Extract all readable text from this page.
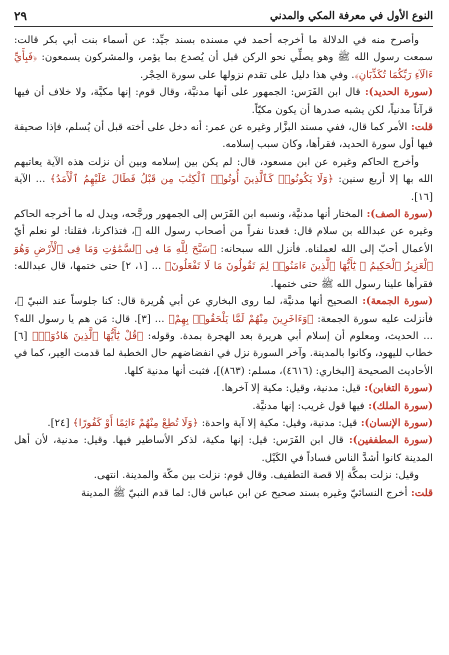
النوع الأول في معرفة المكي والمدني
٢٩

وأصرح منه في الدلالة ما أخرجه أحمد في مسنده بسند جيِّد: عن أسماء بنت أبي بكر قالت: سمعت رسول الله ﷺ وهو يصلِّي نحو الركن قبل أن يُصدع بما يؤمر، والمشركون يسمعون: ﴿فَبِأَيِّ ءَالَآءِ رَبِّكُمَا تُكَذِّبَانِ﴾. وفي هذا دليل على تقدم نزولها على سورة الحِجْر.

(سورة الحديد): قال ابن الفَرَس: الجمهور على أنها مدنيَّة، وقال قوم: إنها مكيَّة، ولا خلاف أن فيها قرآناً مدنياً، لكن يشبه صدرها أن يكون مكيّاً.

قلت: الأمر كما قال، ففي مسند البزَّار وغيره عن عمر: أنه دخل على أخته قبل أن يُسلم، فإذا صحيفة فيها أول سورة الحديد، فقرأها، وكان سبب إسلامه.

وأخرج الحاكم وغيره عن ابن مسعود، قال: لم يكن بين إسلامه وبين أن نزلت هذه الآية يعاتبهم الله بها إلا أربع سنين: ﴿وَلَا يَكُونُوا۟ كَٱلَّذِينَ أُوتُوا۟ ٱلْكِتَٰبَ مِن قَبْلُ فَطَالَ عَلَيْهِمُ ٱلْأَمَدُ﴾ ... الآية [١٦].

(سورة الصف): المختار أنها مدنيَّة، ونسبه ابن الفَرَس إلى الجمهور ورجَّحه، ويدل له ما أخرجه الحاكم وغيره عن عبدالله بن سلام قال: قعدنا نفراً من أصحاب رسول الله ﷺ، فتذاكرنا، فقلنا: لو نعلم أيّ الأعمال أحبّ إلى الله لعملناه. فأنزل الله سبحانه: ﴿سَبَّحَ لِلَّهِ مَا فِى ٱلسَّمَٰوَٰتِ وَمَا فِى ٱلْأَرْضِ وَهُوَ ٱلْعَزِيزُ ٱلْحَكِيمُ ۞ يَٰٓأَيُّهَا ٱلَّذِينَ ءَامَنُوا۟ لِمَ تَقُولُونَ مَا لَا تَفْعَلُونَ﴾ ... [١، ٢] حتى ختمها، قال عبدالله: فقرأها علينا رسول الله ﷺ حتى ختمها.

(سورة الجمعة): الصحيح أنها مدنيَّة، لما روى البخاري عن أبي هُريرة قال: كنا جلوساً عند النبيّ ﷺ، فأنزلت عليه سورة الجمعة: ﴿وَءَاخَرِينَ مِنْهُمْ لَمَّا يَلْحَقُوا۟ بِهِمْ﴾ ... [٣]. قال: مَن هم يا رسول الله؟ ... الحديث، ومعلوم أن إسلام أبي هريرة بعد الهجرة بمدة. وقوله: ﴿قُلْ يَٰٓأَيُّهَا ٱلَّذِينَ هَادُوٓا۟﴾ [٦] خطاب لليهود، وكانوا بالمدينة. وآخر السورة نزل في انفضاضهم حال الخطبة لما قدمت العِير، كما في الأحاديث الصحيحة [البخاري: (٤٦١٦)، مسلم: (٨٦٣)]، فثبت أنها مدنية كلها.

(سورة التغابن): قيل: مدنية، وقيل: مكية إلا آخرها.

(سورة الملك): فيها قول غريب: إنها مدنيَّة.

(سورة الإنسان): قيل: مدنية، وقيل: مكية إلا آية واحدة: ﴿وَلَا تُطِعْ مِنْهُمْ ءَاثِمًا أَوْ كَفُورًا﴾ [٢٤].

(سورة المطففين): قال ابن الفَرَس: قيل: إنها مكية، لذكر الأساطير فيها. وقيل: مدنية، لأن أهل المدينة كانوا أشدَّ الناس فساداً في الكَيْل.

وقيل: نزلت بمكَّة إلا قصة التطفيف. وقال قوم: نزلت بين مكّة والمدينة. انتهى.

قلت: أخرج النسائيّ وغيره بسند صحيح عن ابن عباس قال: لما قدم النبيّ ﷺ المدينة
